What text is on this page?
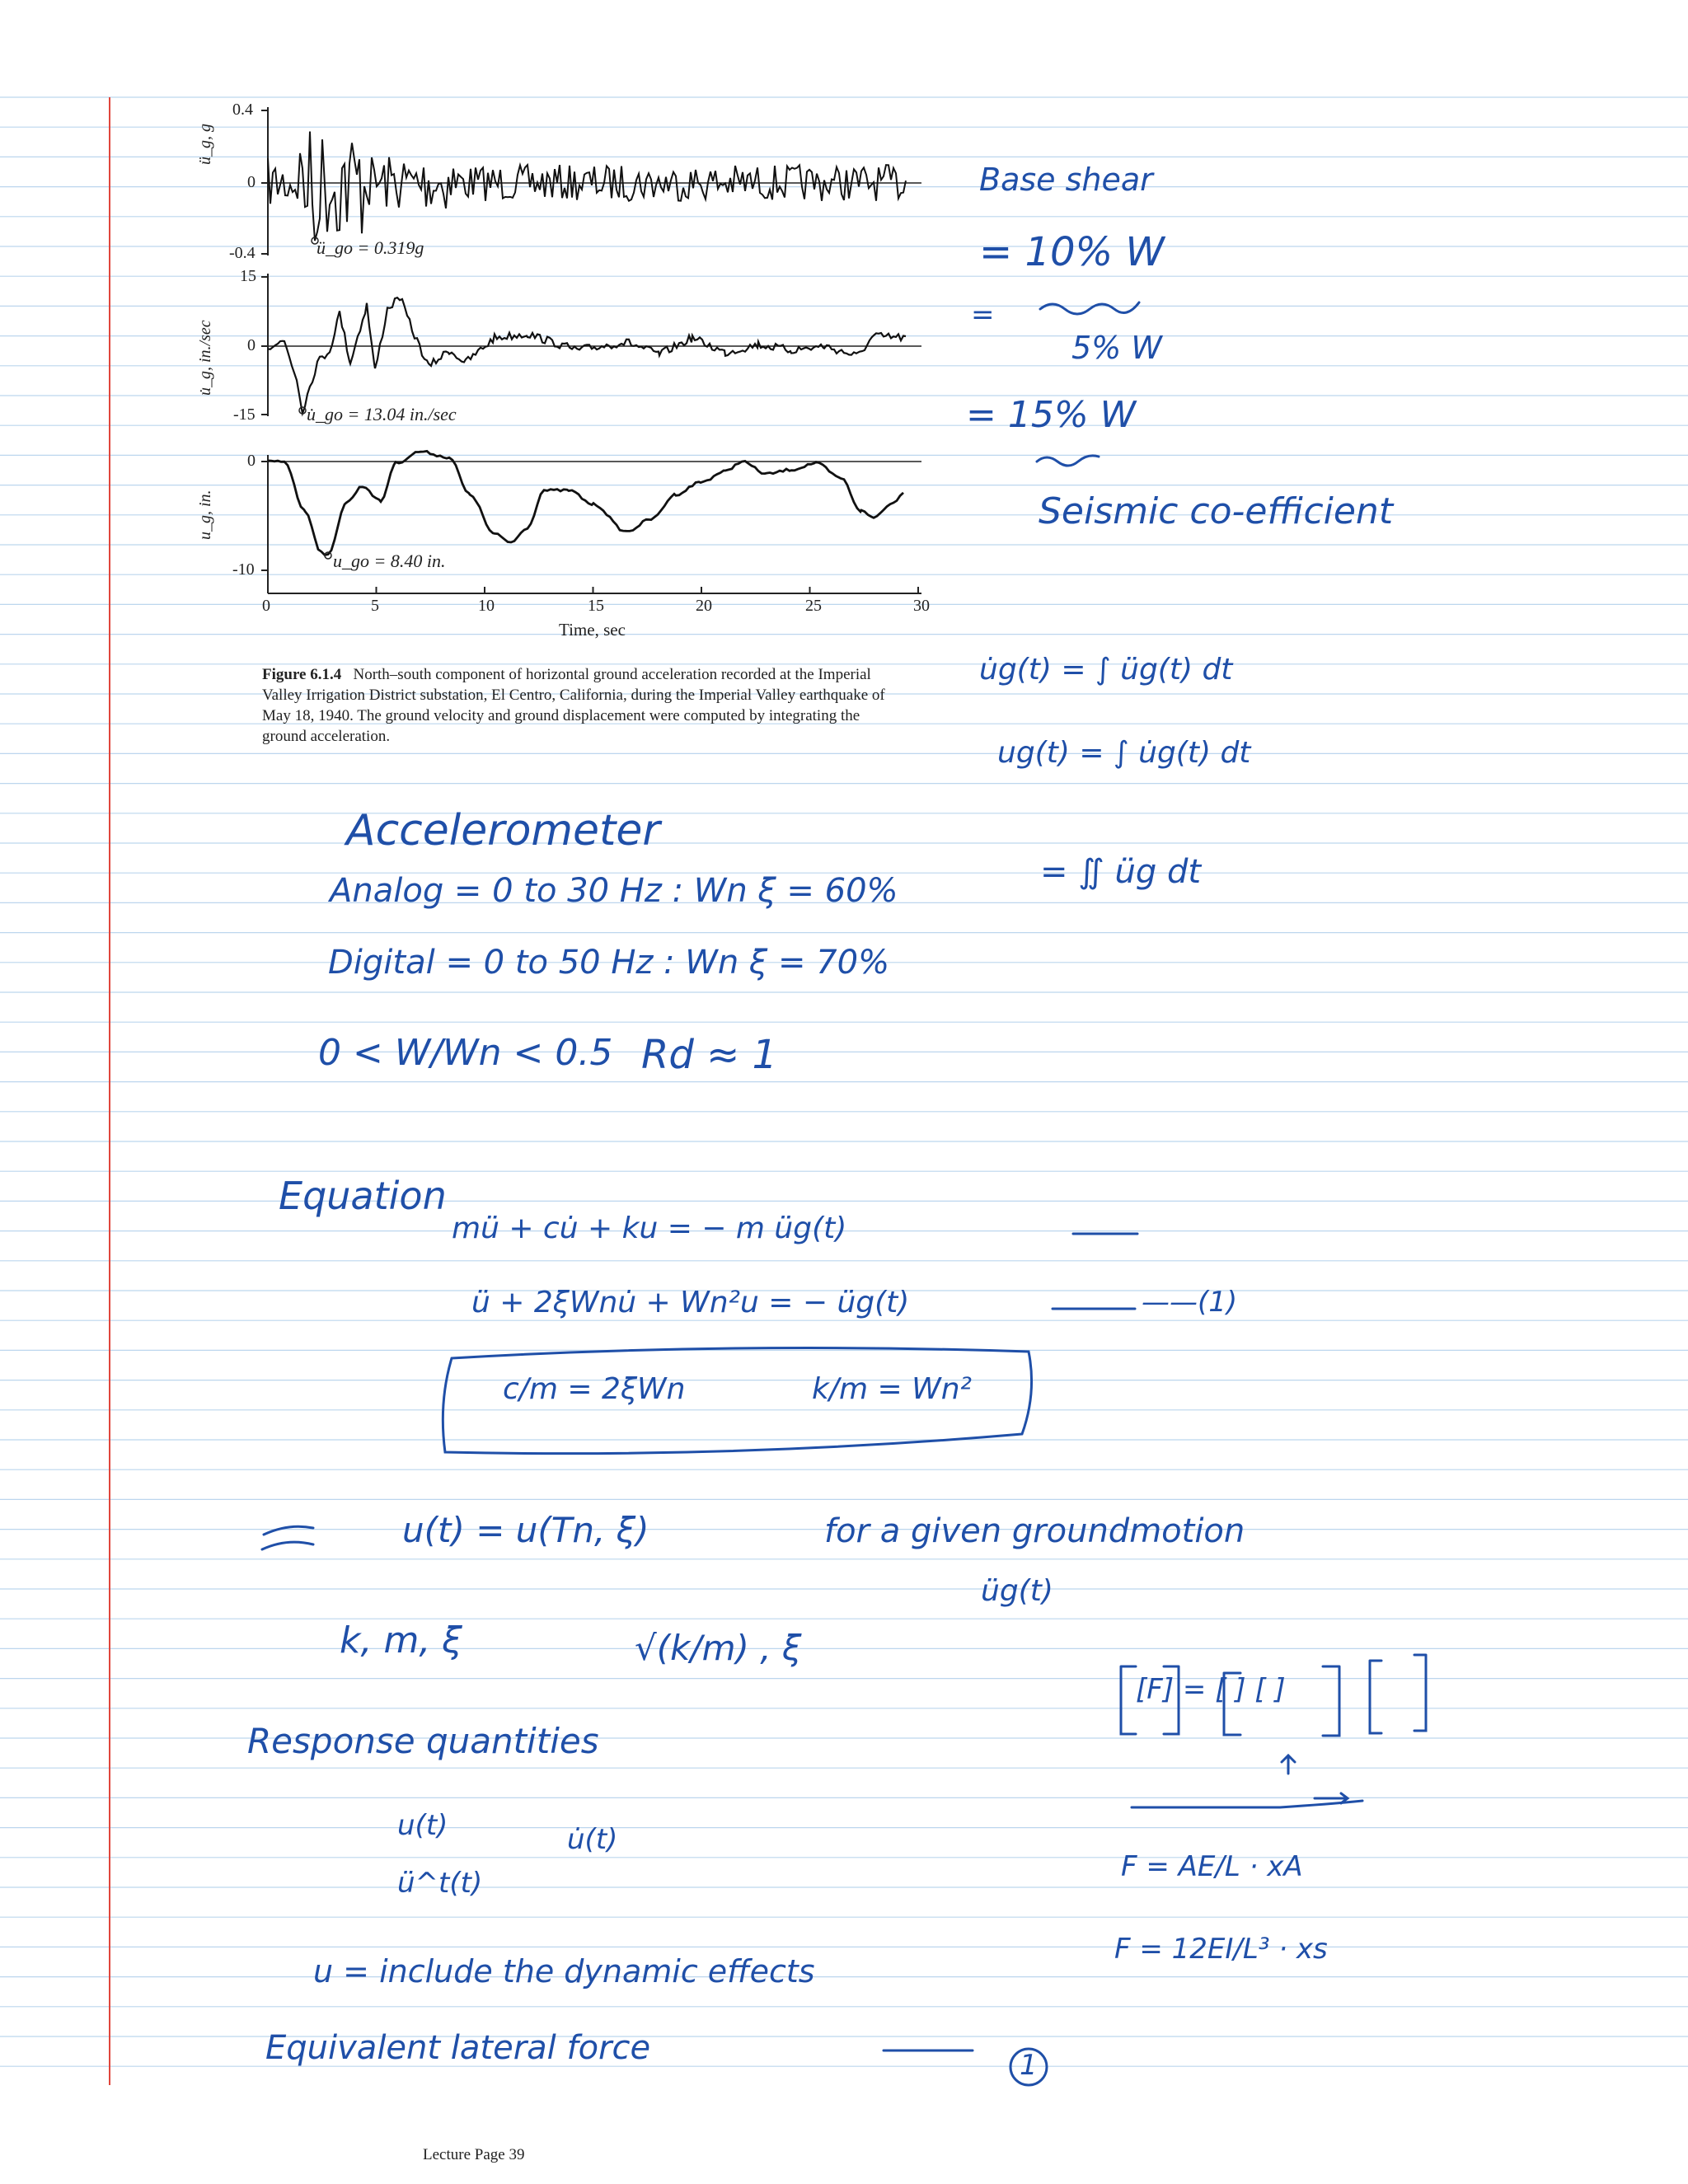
ü_g, g
0.4
0
-0.4	ü_go = 0.319g
u̇_g, in./sec
15
0
-15	u̇_go = 13.04 in./sec
u_g, in.
0
-10	u_go = 8.40 in.
0	5	10	15	20	25	30
Time, sec
Figure 6.1.4 North–south component of horizontal ground acceleration recorded at the Imperial Valley Irrigation District substation, El Centro, California, during the Imperial Valley earthquake of May 18, 1940. The ground velocity and ground displacement were computed by integrating the ground acceleration.
Base shear
= 10% W
=
5% W
= 15% W
Seismic co-efficient
u̇g(t) = ∫ üg(t) dt
ug(t) = ∫ u̇g(t) dt
= ∬ üg dt
Accelerometer
Analog = 0 to 30 Hz : Wn ξ = 60%
Digital = 0 to 50 Hz : Wn ξ = 70%
0 < W/Wn < 0.5 Rd ≈ 1
Equation
mü + cu̇ + ku = − m üg(t)
ü + 2ξWnu̇ + Wn²u = − üg(t)	——(1)
c/m = 2ξWn	k/m = Wn²
u(t) = u(Tn, ξ)	for a given groundmotion
üg(t)
k, m, ξ	√(k/m) , ξ
Response quantities
u(t)	u̇(t)
ü^t(t)
u = include the dynamic effects
Equivalent lateral force	1
[F] = [ ] [ ]
F = AE/L · xA
F = 12EI/L³ · xs
Lecture Page 39
